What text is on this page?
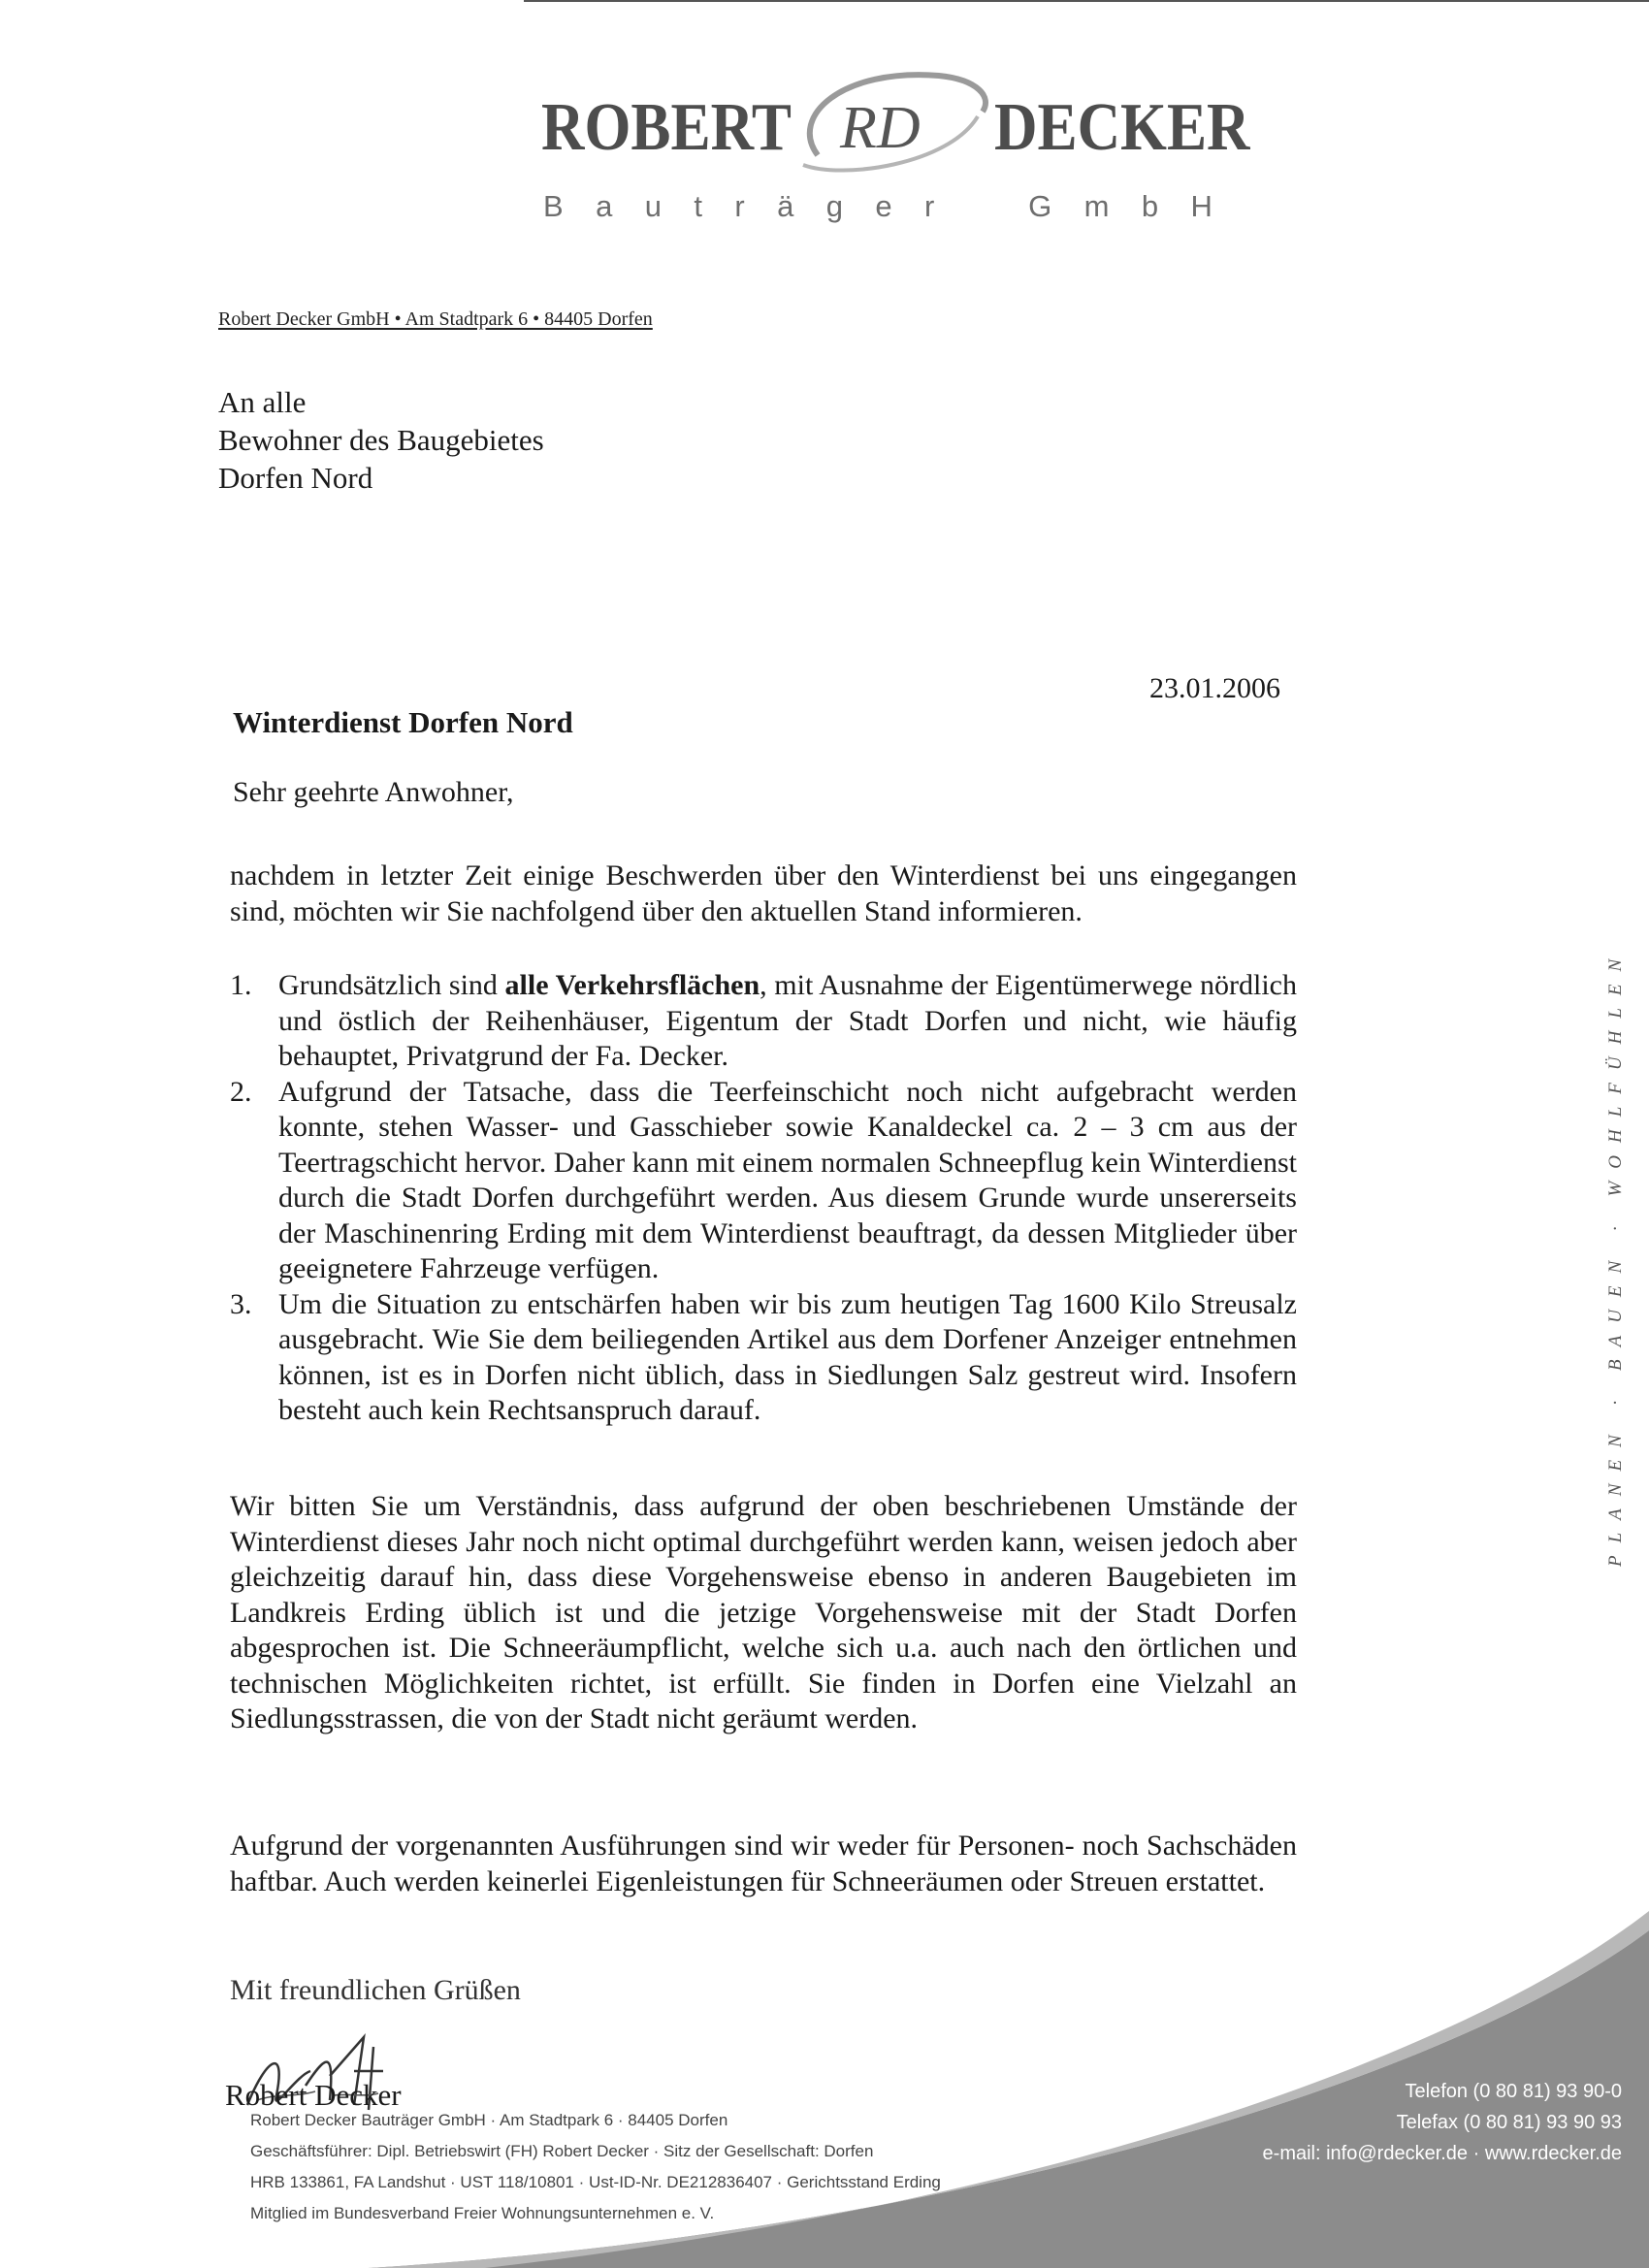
ROBERT RD DECKER
B a u t r ä g e r	G m b H
Robert Decker GmbH • Am Stadtpark 6 • 84405 Dorfen
An alle
Bewohner des Baugebietes
Dorfen Nord
23.01.2006
Winterdienst Dorfen Nord
Sehr geehrte Anwohner,
nachdem in letzter Zeit einige Beschwerden über den Winterdienst bei uns eingegangen sind, möchten wir Sie nachfolgend über den aktuellen Stand informieren.
1. Grundsätzlich sind alle Verkehrsflächen, mit Ausnahme der Eigentümerwege nördlich und östlich der Reihenhäuser, Eigentum der Stadt Dorfen und nicht, wie häufig behauptet, Privatgrund der Fa. Decker.
2. Aufgrund der Tatsache, dass die Teerfeinschicht noch nicht aufgebracht werden konnte, stehen Wasser- und Gasschieber sowie Kanaldeckel ca. 2 – 3 cm aus der Teertragschicht hervor. Daher kann mit einem normalen Schneepflug kein Winterdienst durch die Stadt Dorfen durchgeführt werden. Aus diesem Grunde wurde unsererseits der Maschinenring Erding mit dem Winterdienst beauftragt, da dessen Mitglieder über geeignetere Fahrzeuge verfügen.
3. Um die Situation zu entschärfen haben wir bis zum heutigen Tag 1600 Kilo Streusalz ausgebracht. Wie Sie dem beiliegenden Artikel aus dem Dorfener Anzeiger entnehmen können, ist es in Dorfen nicht üblich, dass in Siedlungen Salz gestreut wird. Insofern besteht auch kein Rechtsanspruch darauf.
Wir bitten Sie um Verständnis, dass aufgrund der oben beschriebenen Umstände der Winterdienst dieses Jahr noch nicht optimal durchgeführt werden kann, weisen jedoch aber gleichzeitig darauf hin, dass diese Vorgehensweise ebenso in anderen Baugebieten im Landkreis Erding üblich ist und die jetzige Vorgehensweise mit der Stadt Dorfen abgesprochen ist. Die Schneeräumpflicht, welche sich u.a. auch nach den örtlichen und technischen Möglichkeiten richtet, ist erfüllt. Sie finden in Dorfen eine Vielzahl an Siedlungsstrassen, die von der Stadt nicht geräumt werden.
Aufgrund der vorgenannten Ausführungen sind wir weder für Personen- noch Sachschäden haftbar. Auch werden keinerlei Eigenleistungen für Schneeräumen oder Streuen erstattet.
Mit freundlichen Grüßen
Robert Decker
PLANEN · BAUEN · WOHLFÜHLEN
Robert Decker Bauträger GmbH · Am Stadtpark 6 · 84405 Dorfen
Geschäftsführer: Dipl. Betriebswirt (FH) Robert Decker · Sitz der Gesellschaft: Dorfen
HRB 133861, FA Landshut · UST 118/10801 · Ust-ID-Nr. DE212836407 · Gerichtsstand Erding
Mitglied im Bundesverband Freier Wohnungsunternehmen e. V.
Telefon (0 80 81) 93 90-0
Telefax (0 80 81) 93 90 93
e-mail: info@rdecker.de · www.rdecker.de
